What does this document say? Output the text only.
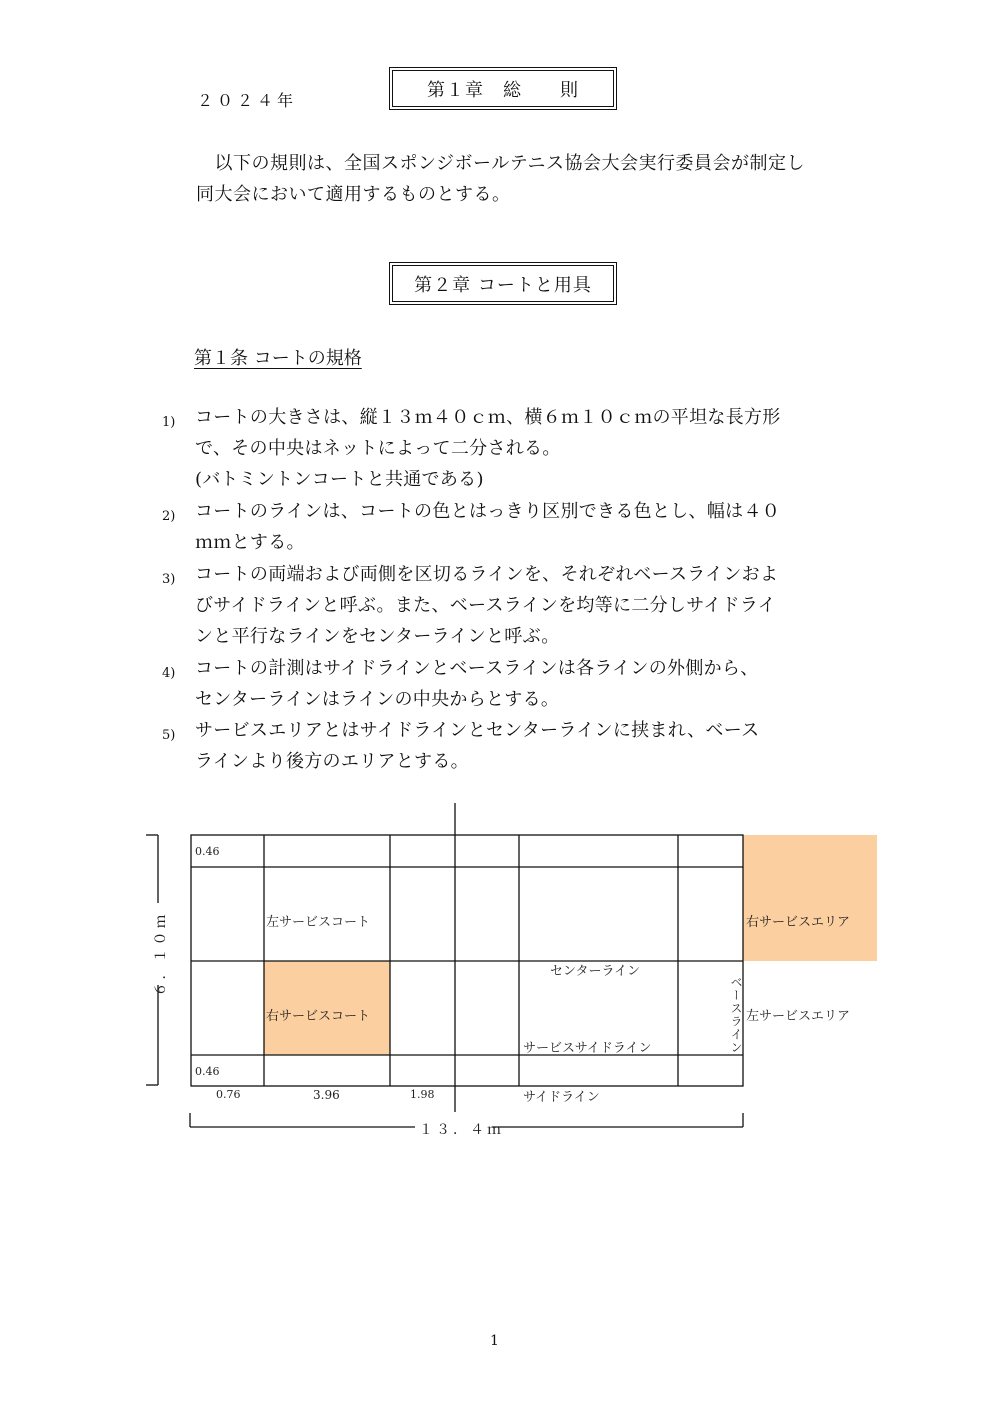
２０２４年	第１章　総　　則
　以下の規則は、全国スポンジボールテニス協会大会実行委員会が制定し
同大会において適用するものとする。
第２章 コートと用具
第１条 コートの規格
1)	コートの大きさは、縦１３ｍ４０ｃｍ、横６ｍ１０ｃｍの平坦な長方形
で、その中央はネットによって二分される。
(バトミントンコートと共通である)
2)	コートのラインは、コートの色とはっきり区別できる色とし、幅は４０
ｍｍとする。
3)	コートの両端および両側を区切るラインを、それぞれベースラインおよ
びサイドラインと呼ぶ。また、ベースラインを均等に二分しサイドライ
ンと平行なラインをセンターラインと呼ぶ。
4)	コートの計測はサイドラインとベースラインは各ラインの外側から、
センターラインはラインの中央からとする。
5)	サービスエリアとはサイドラインとセンターラインに挟まれ、ベース
ラインより後方のエリアとする。
0.46
0.46
左サービスコート
右サービスコート
右サービスエリア
左サービスエリア
センターライン
サービスサイドライン	ベースライン
サイドライン
0.76	3.96	1.98
６．１０ｍ
１３．４ｍ
1
